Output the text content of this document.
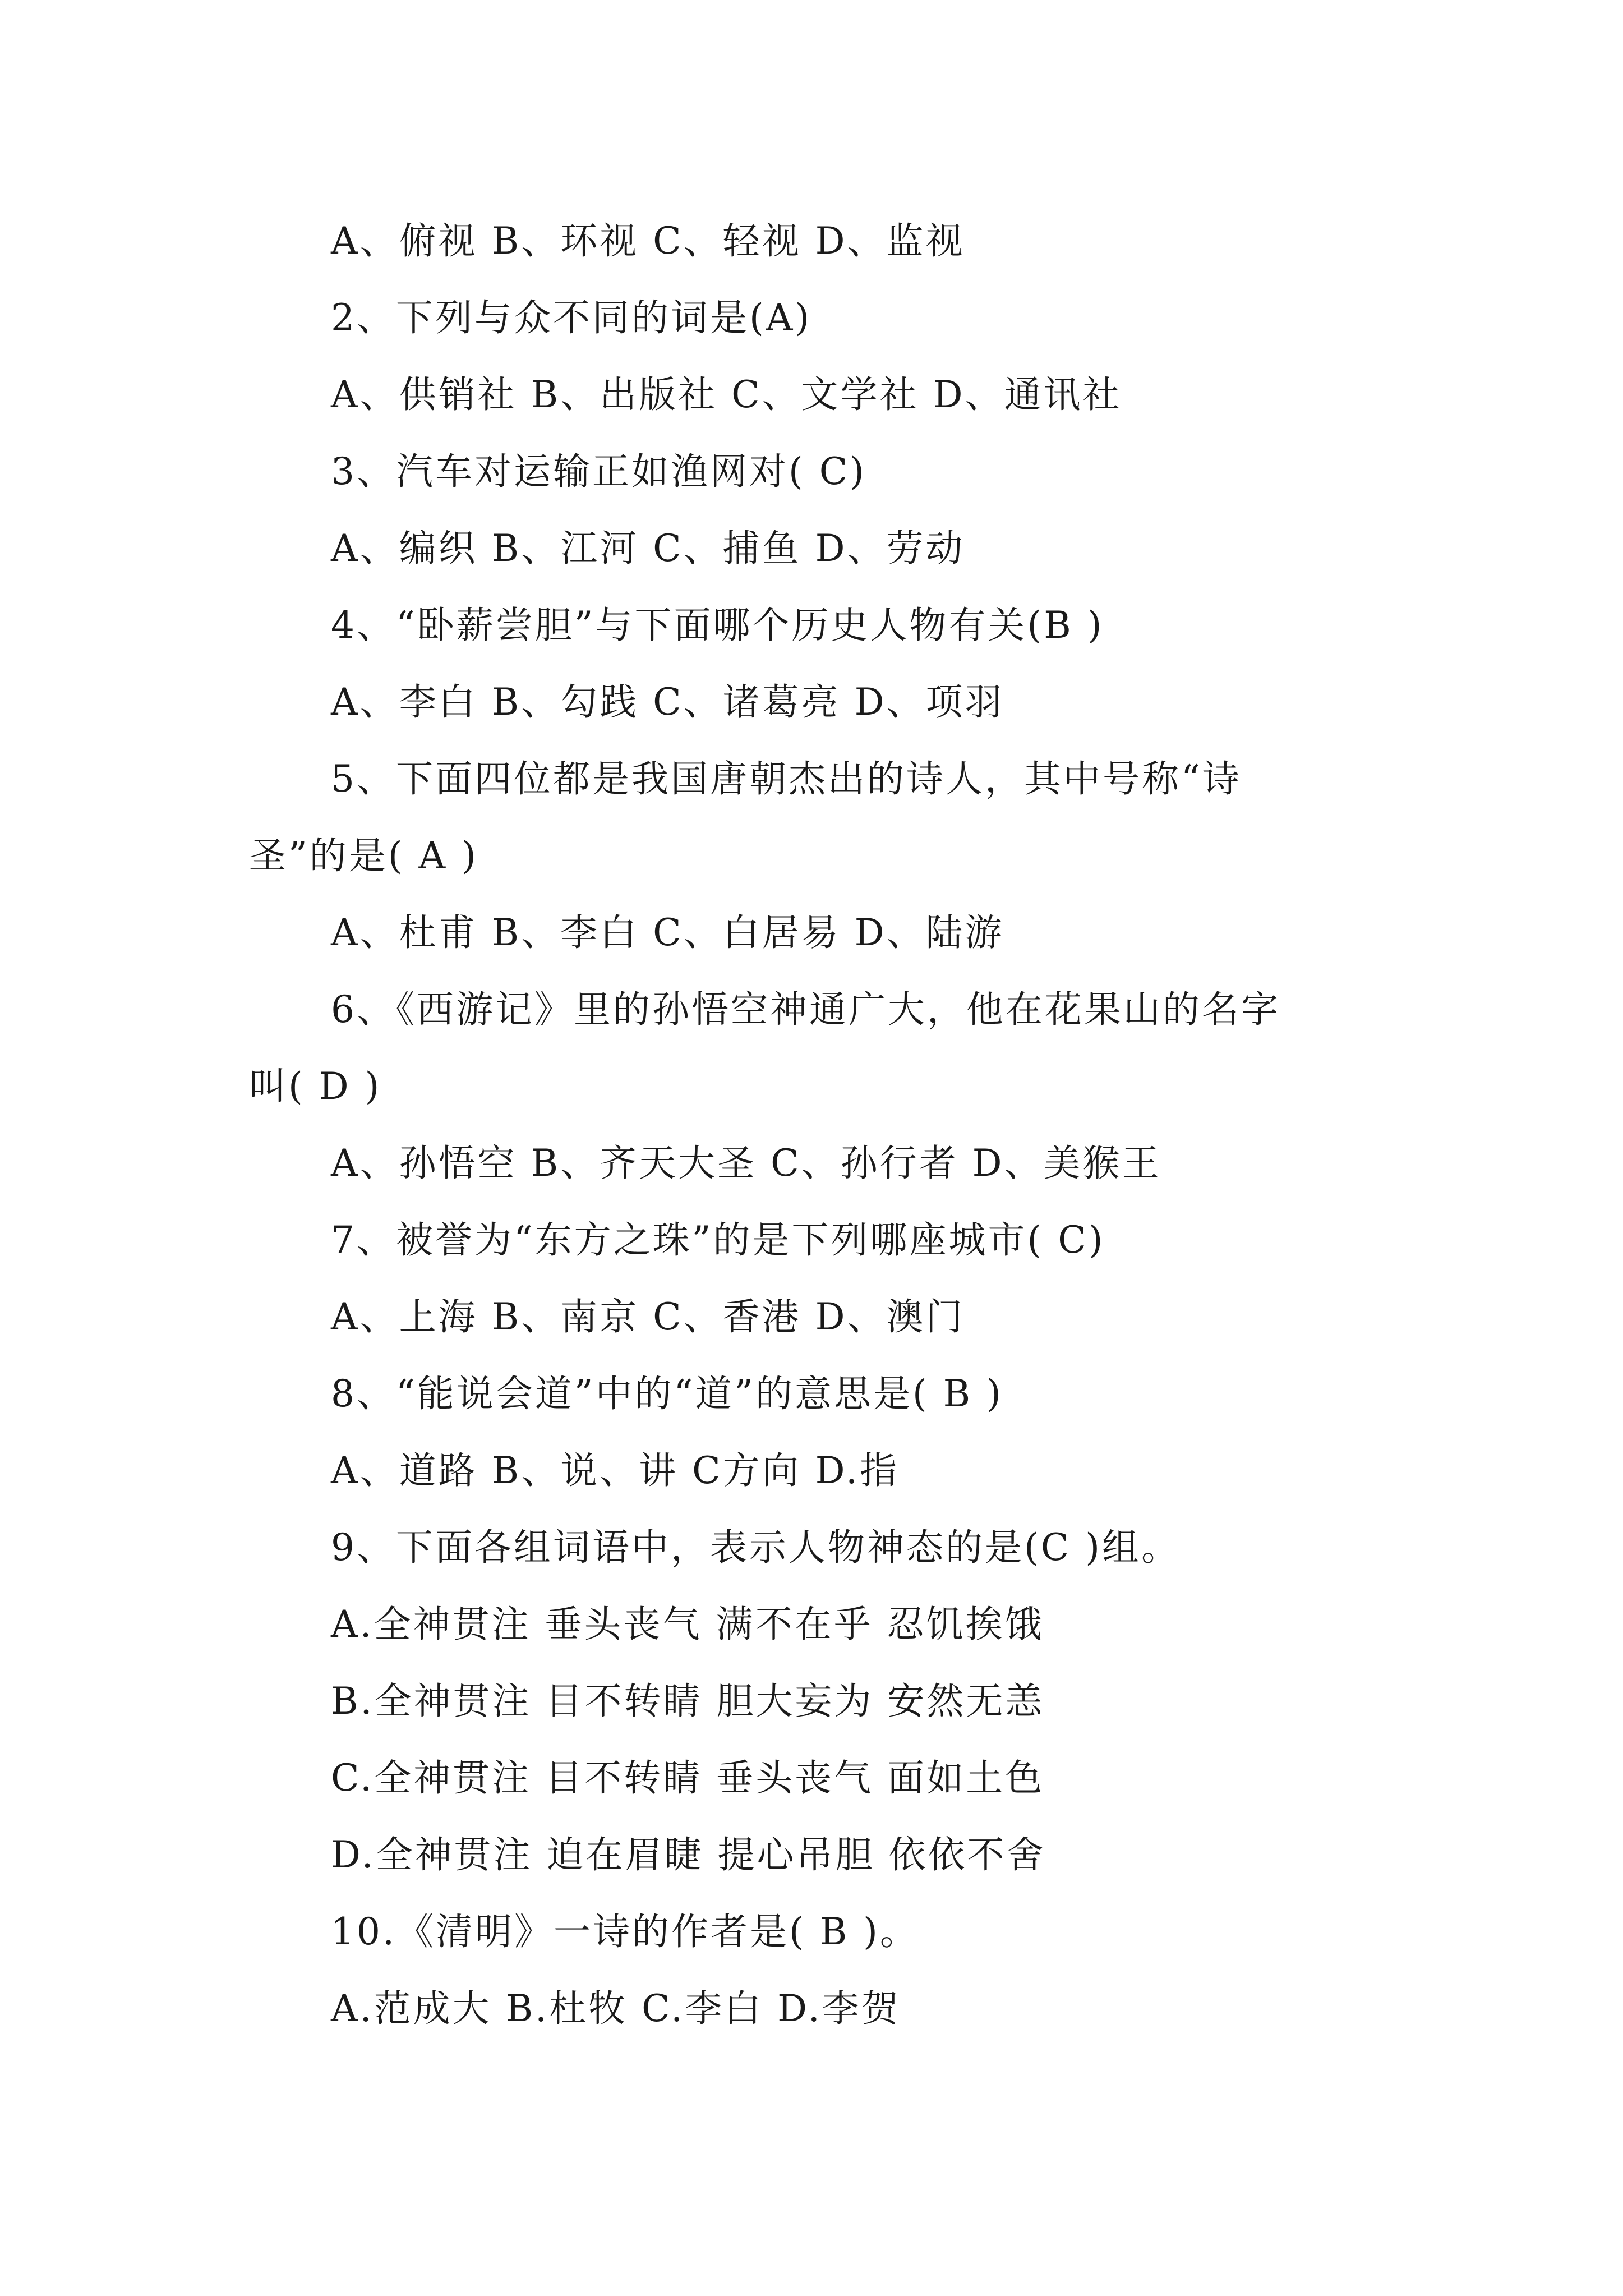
A、俯视 B、环视 C、轻视 D、监视
2、下列与众不同的词是(A)
A、供销社 B、出版社 C、文学社 D、通讯社
3、汽车对运输正如渔网对( C)
A、编织 B、江河 C、捕鱼 D、劳动
4、“卧薪尝胆”与下面哪个历史人物有关(B )
A、李白 B、勾践 C、诸葛亮 D、项羽
5、下面四位都是我国唐朝杰出的诗人，其中号称“诗
圣”的是( A )
A、杜甫 B、李白 C、白居易 D、陆游
6、《西游记》里的孙悟空神通广大，他在花果山的名字
叫( D )
A、孙悟空 B、齐天大圣 C、孙行者 D、美猴王
7、被誉为“东方之珠”的是下列哪座城市( C)
A、上海 B、南京 C、香港 D、澳门
8、“能说会道”中的“道”的意思是( B )
A、道路 B、说、讲 C方向 D.指
9、下面各组词语中，表示人物神态的是(C )组。
A.全神贯注 垂头丧气 满不在乎 忍饥挨饿
B.全神贯注 目不转睛 胆大妄为 安然无恙
C.全神贯注 目不转睛 垂头丧气 面如土色
D.全神贯注 迫在眉睫 提心吊胆 依依不舍
10.《清明》一诗的作者是( B )。
A.范成大 B.杜牧 C.李白 D.李贺
